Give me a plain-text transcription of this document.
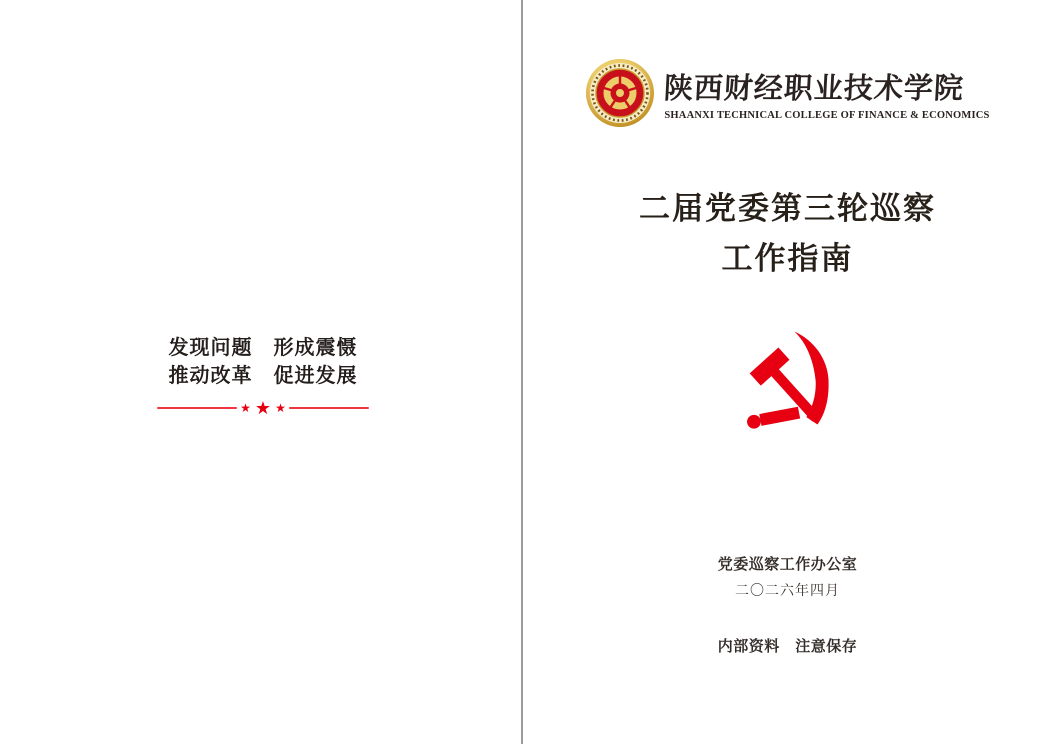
发现问题　形成震慑
推动改革　促进发展
★ ★ ★
陕西财经职业技术学院
SHAANXI TECHNICAL COLLEGE OF FINANCE & ECONOMICS
二届党委第三轮巡察
工作指南
党委巡察工作办公室
二〇二六年四月
内部资料　注意保存
